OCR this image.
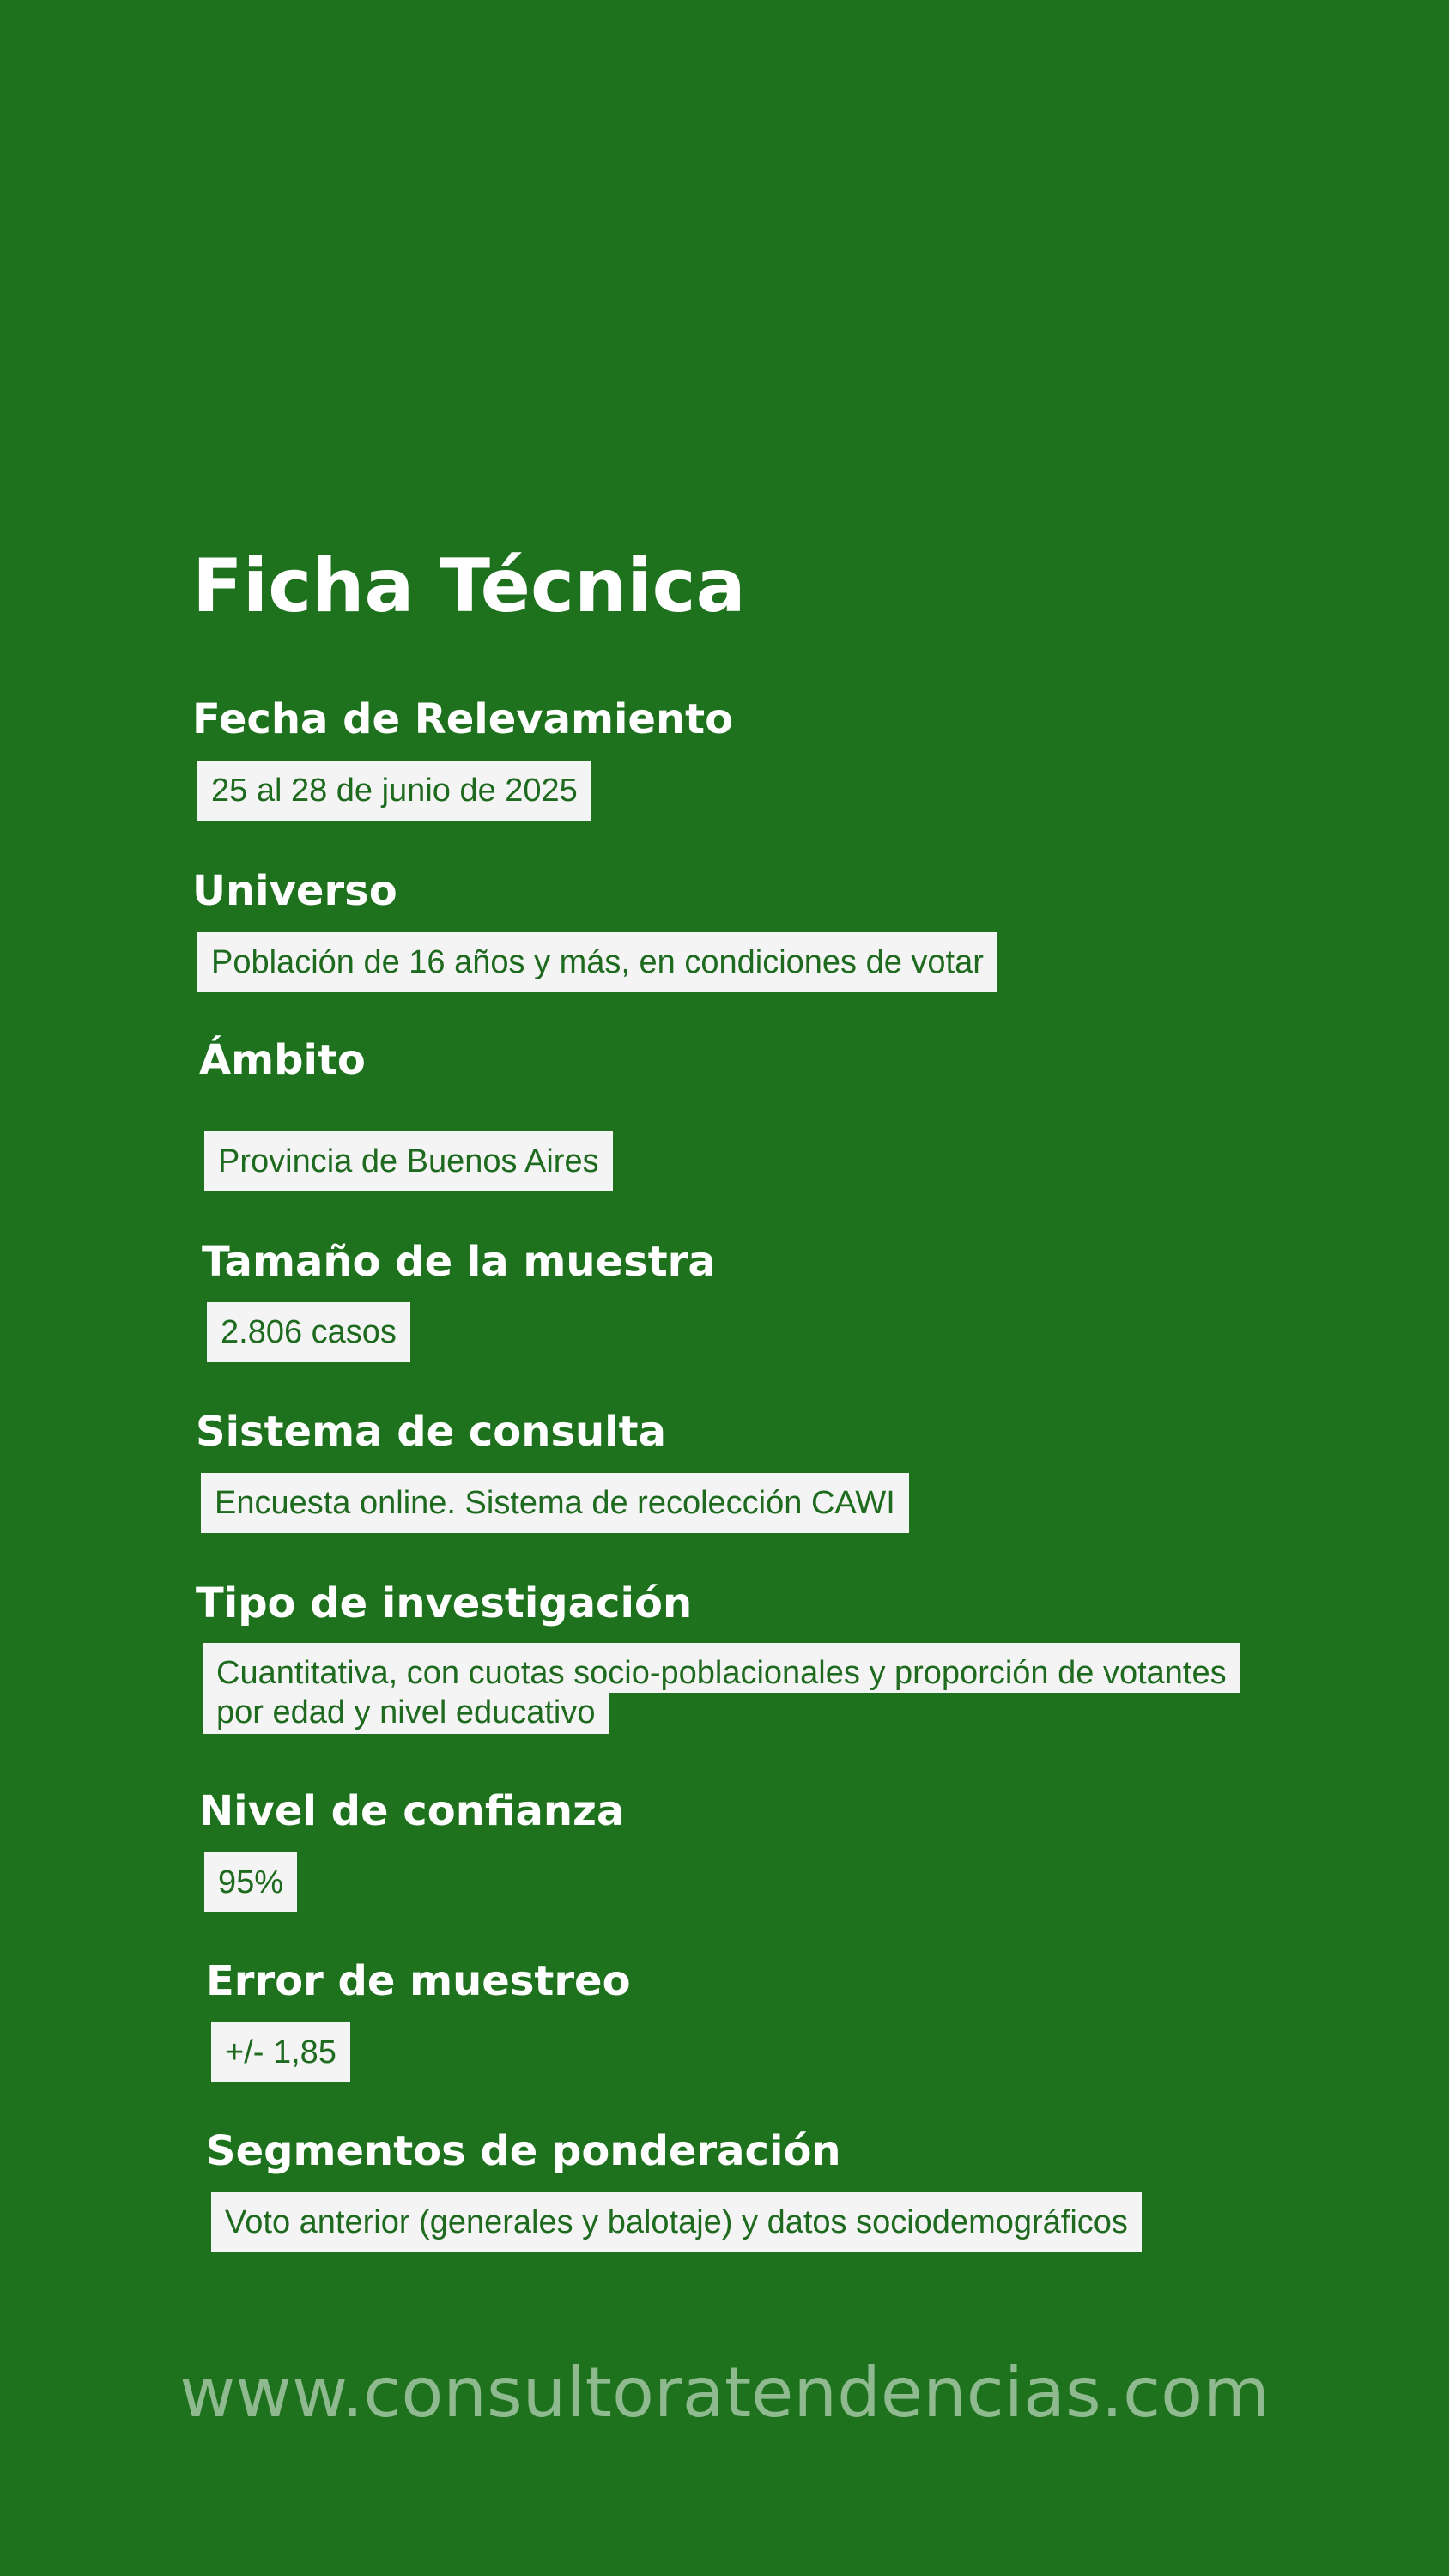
Ficha Técnica
Fecha de Relevamiento
25 al 28 de junio de 2025
Universo
Población de 16 años y más, en condiciones de votar
Ámbito
Provincia de Buenos Aires
Tamaño de la muestra
2.806 casos
Sistema de consulta
Encuesta online. Sistema de recolección CAWI
Tipo de investigación
Cuantitativa, con cuotas socio-poblacionales y proporción de votantes
por edad y nivel educativo
Nivel de confianza
95%
Error de muestreo
+/- 1,85
Segmentos de ponderación
Voto anterior (generales y balotaje) y datos sociodemográficos
www.consultoratendencias.com
